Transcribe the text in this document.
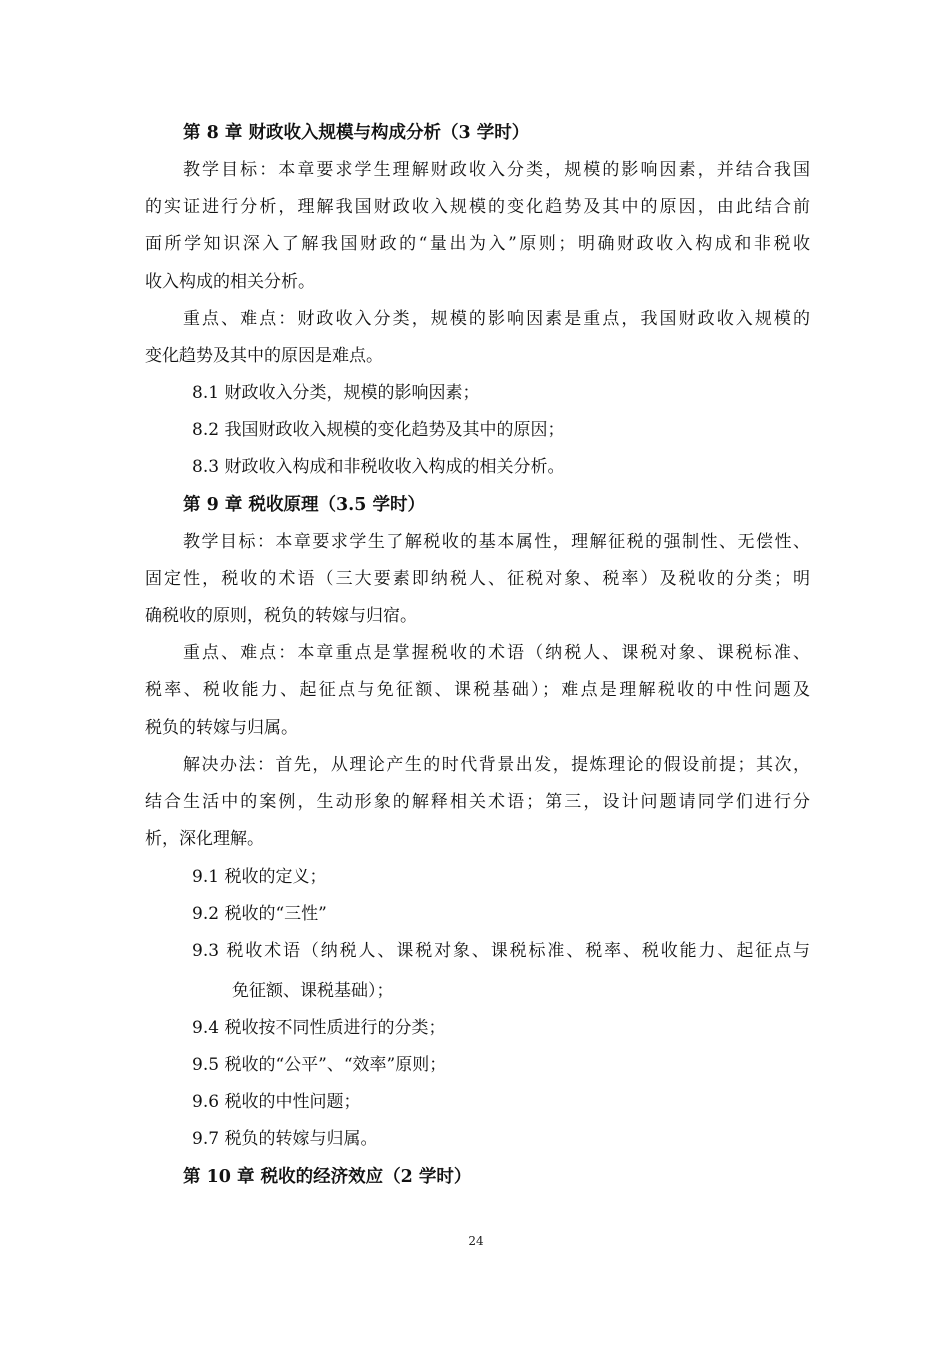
第 8 章 财政收入规模与构成分析（3 学时）
教学目标：本章要求学生理解财政收入分类，规模的影响因素，并结合我国
的实证进行分析，理解我国财政收入规模的变化趋势及其中的原因，由此结合前
面所学知识深入了解我国财政的“量出为入”原则；明确财政收入构成和非税收
收入构成的相关分析。
重点、难点：财政收入分类，规模的影响因素是重点，我国财政收入规模的
变化趋势及其中的原因是难点。
8.1 财政收入分类，规模的影响因素；
8.2 我国财政收入规模的变化趋势及其中的原因；
8.3 财政收入构成和非税收收入构成的相关分析。
第 9 章 税收原理（3.5 学时）
教学目标：本章要求学生了解税收的基本属性，理解征税的强制性、无偿性、
固定性，税收的术语（三大要素即纳税人、征税对象、税率）及税收的分类；明
确税收的原则，税负的转嫁与归宿。
重点、难点：本章重点是掌握税收的术语（纳税人、课税对象、课税标准、
税率、税收能力、起征点与免征额、课税基础）；难点是理解税收的中性问题及
税负的转嫁与归属。
解决办法：首先，从理论产生的时代背景出发，提炼理论的假设前提；其次，
结合生活中的案例，生动形象的解释相关术语；第三，设计问题请同学们进行分
析，深化理解。
9.1 税收的定义；
9.2 税收的“三性”
9.3 税收术语（纳税人、课税对象、课税标准、税率、税收能力、起征点与
免征额、课税基础）；
9.4 税收按不同性质进行的分类；
9.5 税收的“公平”、“效率”原则；
9.6 税收的中性问题；
9.7 税负的转嫁与归属。
第 10 章 税收的经济效应（2 学时）
24
